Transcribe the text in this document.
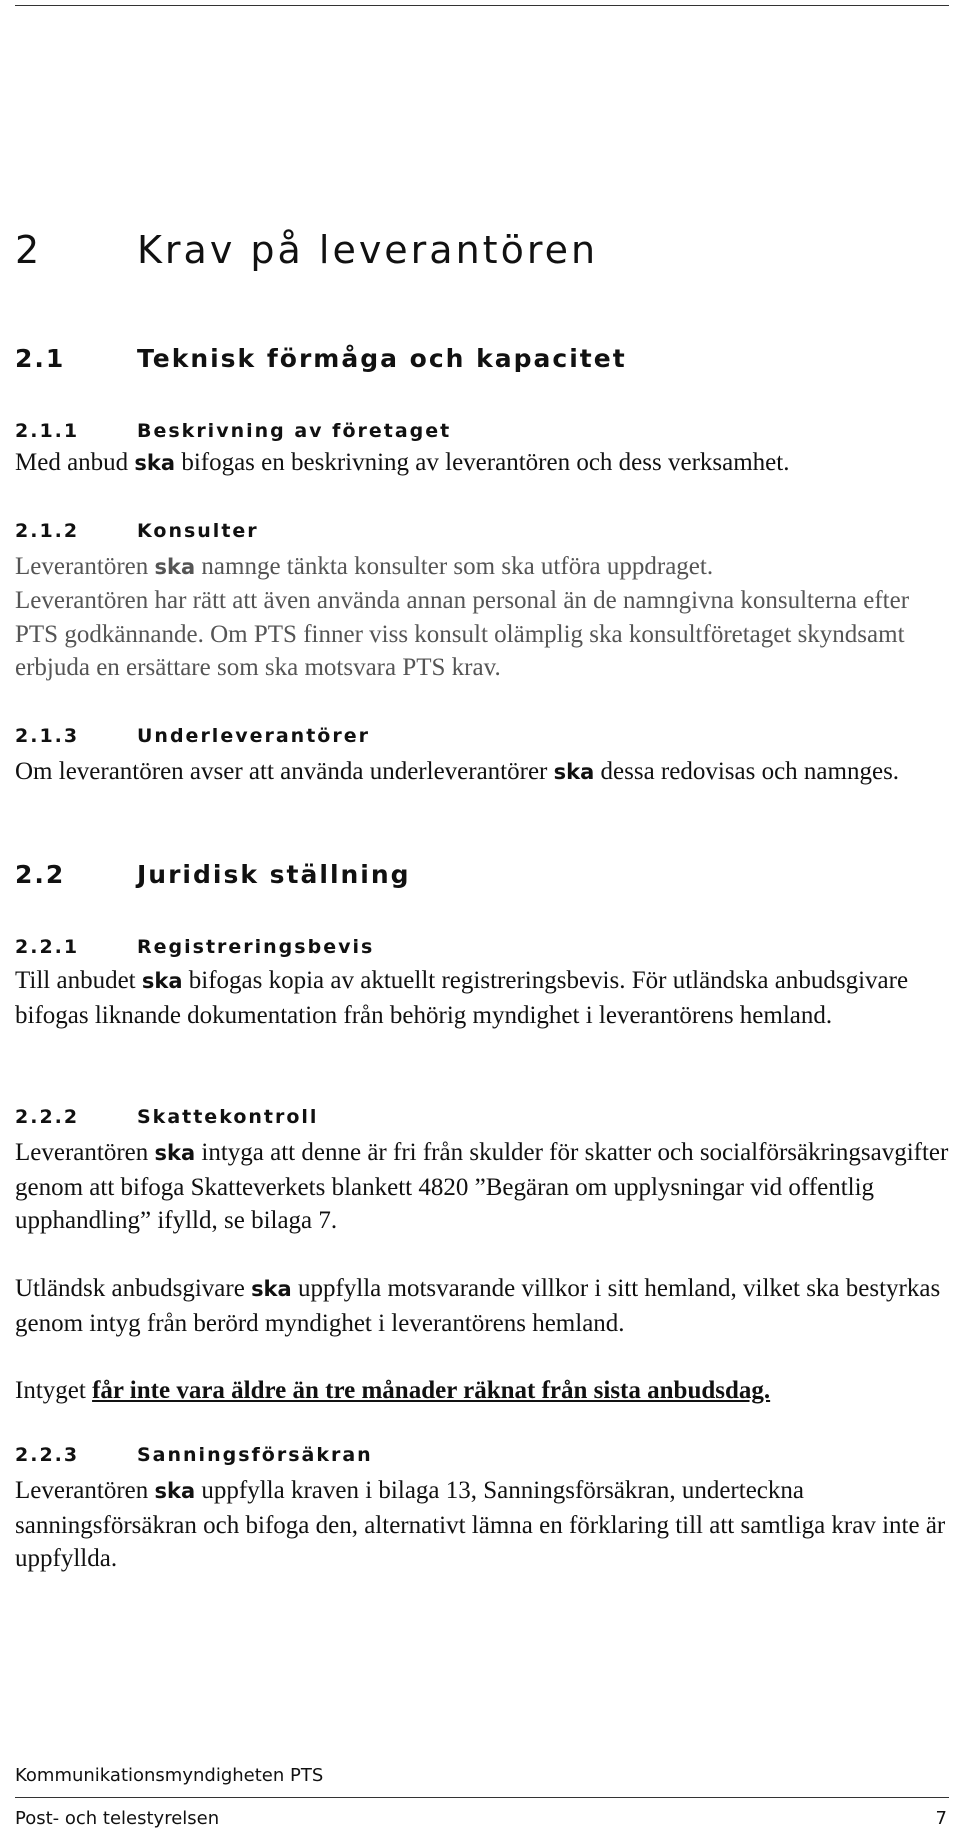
2 Krav på leverantören
2.1	Teknisk förmåga och kapacitet
2.1.1	Beskrivning av företaget

Med anbud ska bifogas en beskrivning av leverantören och dess verksamhet.

2.1.2	Konsulter

Leverantören ska namnge tänkta konsulter som ska utföra uppdraget.

Leverantören har rätt att även använda annan personal än de namngivna konsulterna efter PTS godkännande. Om PTS finner viss konsult olämplig ska konsultföretaget skyndsamt erbjuda en ersättare som ska motsvara PTS krav.

2.1.3	Underleverantörer

Om leverantören avser att använda underleverantörer ska dessa redovisas och namnges.

2.2	Juridisk ställning
2.2.1	Registreringsbevis

Till anbudet ska bifogas kopia av aktuellt registreringsbevis. För utländska anbudsgivare bifogas liknande dokumentation från behörig myndighet i leverantörens hemland.

2.2.2	Skattekontroll

Leverantören ska intyga att denne är fri från skulder för skatter och socialförsäkringsavgifter genom att bifoga Skatteverkets blankett 4820 ”Begäran om upplysningar vid offentlig upphandling” ifylld, se bilaga 7.

Utländsk anbudsgivare ska uppfylla motsvarande villkor i sitt hemland, vilket ska bestyrkas genom intyg från berörd myndighet i leverantörens hemland.

Intyget får inte vara äldre än tre månader räknat från sista anbudsdag.

2.2.3	Sanningsförsäkran

Leverantören ska uppfylla kraven i bilaga 13, Sanningsförsäkran, underteckna sanningsförsäkran och bifoga den, alternativt lämna en förklaring till att samtliga krav inte är uppfyllda.

Kommunikationsmyndigheten PTS

Post- och telestyrelsen	7
